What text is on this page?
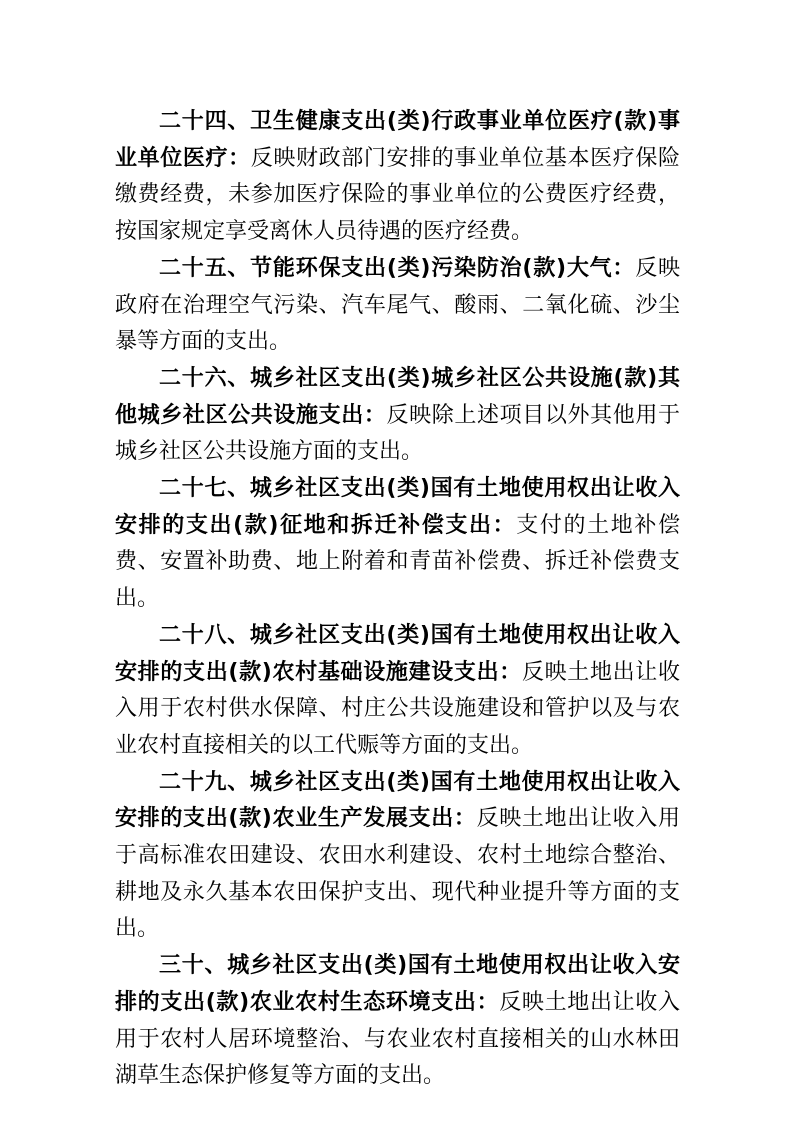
二十四、卫生健康支出(类)行政事业单位医疗(款)事业单位医疗：反映财政部门安排的事业单位基本医疗保险缴费经费，未参加医疗保险的事业单位的公费医疗经费，按国家规定享受离休人员待遇的医疗经费。

二十五、节能环保支出(类)污染防治(款)大气：反映政府在治理空气污染、汽车尾气、酸雨、二氧化硫、沙尘暴等方面的支出。

二十六、城乡社区支出(类)城乡社区公共设施(款)其他城乡社区公共设施支出：反映除上述项目以外其他用于城乡社区公共设施方面的支出。

二十七、城乡社区支出(类)国有土地使用权出让收入安排的支出(款)征地和拆迁补偿支出：支付的土地补偿费、安置补助费、地上附着和青苗补偿费、拆迁补偿费支出。

二十八、城乡社区支出(类)国有土地使用权出让收入安排的支出(款)农村基础设施建设支出：反映土地出让收入用于农村供水保障、村庄公共设施建设和管护以及与农业农村直接相关的以工代赈等方面的支出。

二十九、城乡社区支出(类)国有土地使用权出让收入安排的支出(款)农业生产发展支出：反映土地出让收入用于高标准农田建设、农田水利建设、农村土地综合整治、耕地及永久基本农田保护支出、现代种业提升等方面的支出。

三十、城乡社区支出(类)国有土地使用权出让收入安排的支出(款)农业农村生态环境支出：反映土地出让收入用于农村人居环境整治、与农业农村直接相关的山水林田湖草生态保护修复等方面的支出。
